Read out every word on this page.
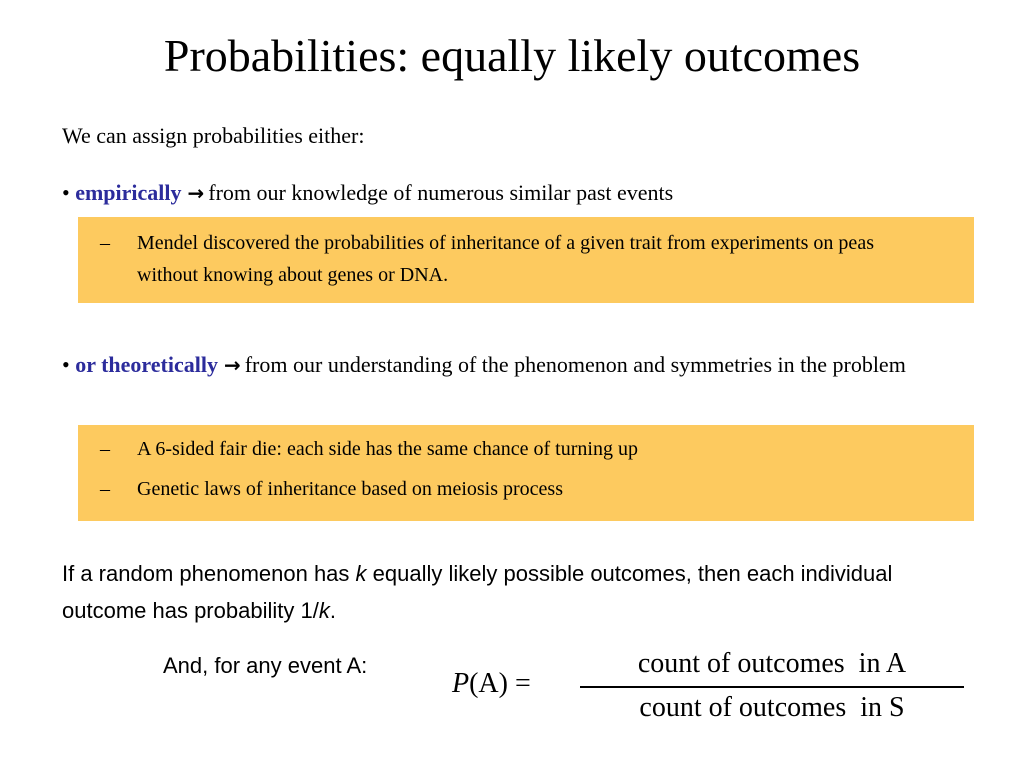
Probabilities: equally likely outcomes
We can assign probabilities either:
• empirically → from our knowledge of numerous similar past events
– Mendel discovered the probabilities of inheritance of a given trait from experiments on peas without knowing about genes or DNA.
• or theoretically → from our understanding of the phenomenon and symmetries in the problem
– A 6-sided fair die: each side has the same chance of turning up
– Genetic laws of inheritance based on meiosis process
If a random phenomenon has k equally likely possible outcomes, then each individual outcome has probability 1/k.
And, for any event A:
P(A) =
count of outcomes  in A
count of outcomes  in S
